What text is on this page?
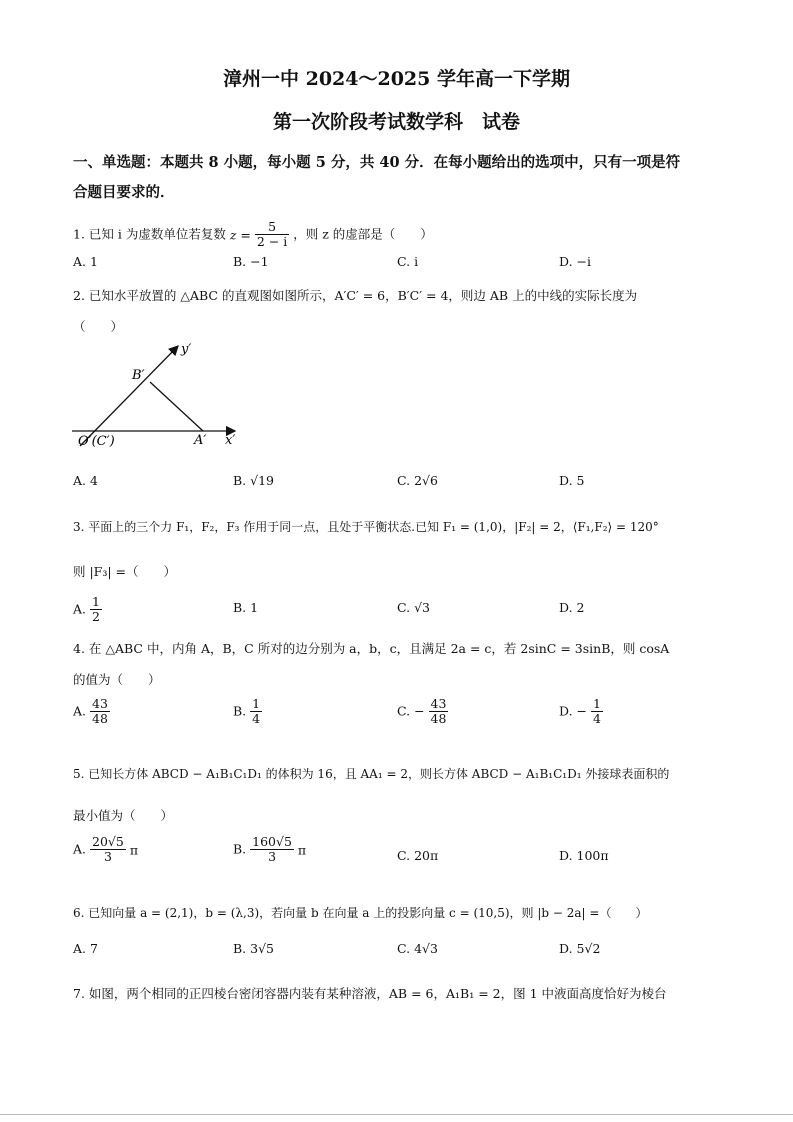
漳州一中 2024～2025 学年高一下学期
第一次阶段考试数学科　试卷
一、单选题：本题共 8 小题，每小题 5 分，共 40 分．在每小题给出的选项中，只有一项是符
合题目要求的．
1. 已知 i 为虚数单位若复数 $z = \frac{5}{2 - i}$ ，则 z 的虚部是（　　）
A. 1	B. −1	C. i	D. −i
2. 已知水平放置的 △ABC 的直观图如图所示，A′C′ = 6，B′C′ = 4，则边 AB 上的中线的实际长度为
（　　）
y′
x′
B′
A′
O′(C′)
A. 4	B. √19	C. 2√6	D. 5
3. 平面上的三个力 F₁，F₂，F₃ 作用于同一点，且处于平衡状态.已知 F₁ = (1,0)，|F₂| = 2，⟨F₁,F₂⟩ = 120°
则 |F₃| =（　　）
A. $\frac{1}{2}$	B. 1	C. √3	D. 2
4. 在 △ABC 中，内角 A，B，C 所对的边分别为 a，b，c，且满足 2a = c，若 2sinC = 3sinB，则 cosA
的值为（　　）
A. $\frac{43}{48}$	B. $\frac{1}{4}$	C. − $\frac{43}{48}$	D. − $\frac{1}{4}$
5. 已知长方体 ABCD − A₁B₁C₁D₁ 的体积为 16，且 AA₁ = 2，则长方体 ABCD − A₁B₁C₁D₁ 外接球表面积的
最小值为（　　）
A. $\frac{20√5}{3}$ π	B. $\frac{160√5}{3}$ π	C. 20π	D. 100π
6. 已知向量 a = (2,1)，b = (λ,3)，若向量 b 在向量 a 上的投影向量 c = (10,5)，则 |b − 2a| =（　　）
A. 7	B. 3√5	C. 4√3	D. 5√2
7. 如图，两个相同的正四棱台密闭容器内装有某种溶液，AB = 6，A₁B₁ = 2，图 1 中液面高度恰好为棱台
